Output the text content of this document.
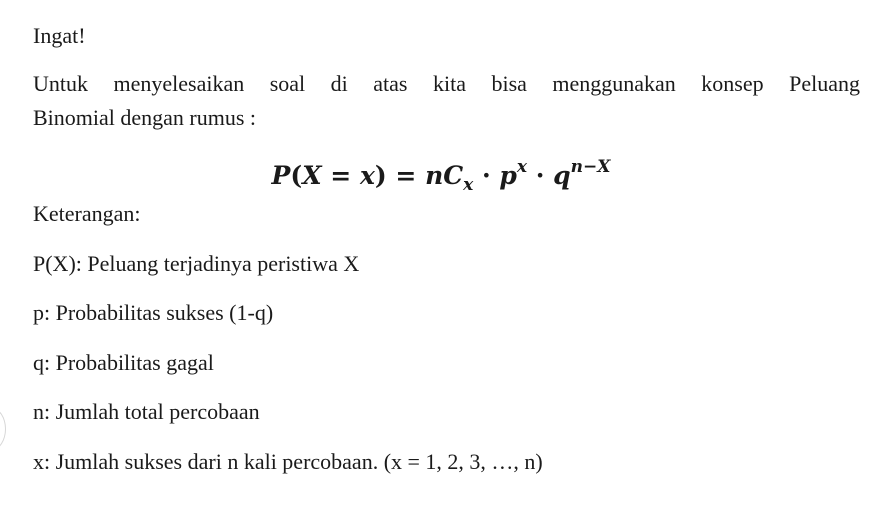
Ingat!
Untuk menyelesaikan soal di atas kita bisa menggunakan konsep Peluang
Binomial dengan rumus :
$P(X = x) = nC_x \cdot p^x \cdot q^{n-X}$
Keterangan:
P(X): Peluang terjadinya peristiwa X
p: Probabilitas sukses (1-q)
q: Probabilitas gagal
n: Jumlah total percobaan
x: Jumlah sukses dari n kali percobaan. (x = 1, 2, 3, …, n)
